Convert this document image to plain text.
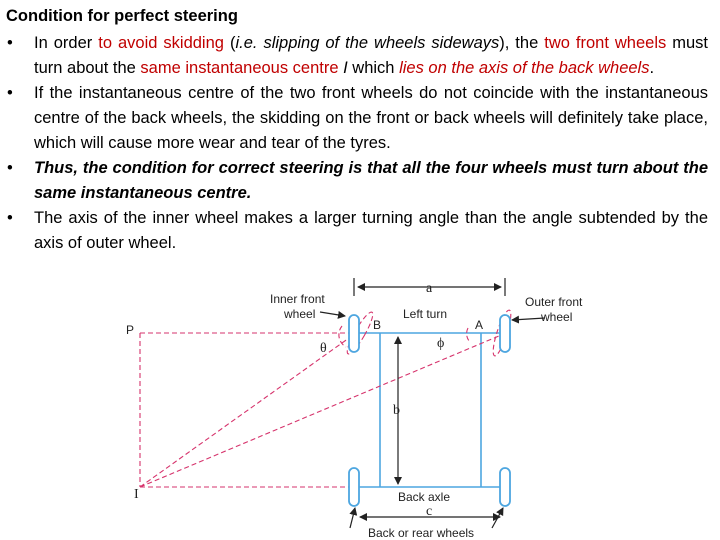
Condition for perfect steering
• In order to avoid skidding (i.e. slipping of the wheels sideways), the two front wheels must turn about the same instantaneous centre I which lies on the axis of the back wheels.
• If the instantaneous centre of the two front wheels do not coincide with the instantaneous centre of the back wheels, the skidding on the front or back wheels will definitely take place, which will cause more wear and tear of the tyres.
• Thus, the condition for correct steering is that all the four wheels must turn about the same instantaneous centre.
• The axis of the inner wheel makes a larger turning angle than the angle subtended by the axis of outer wheel.
a
b
c
Inner front
wheel
Outer front
wheel
Left turn
B	A
P
I
θ	ϕ
Back axle
Back or rear wheels
